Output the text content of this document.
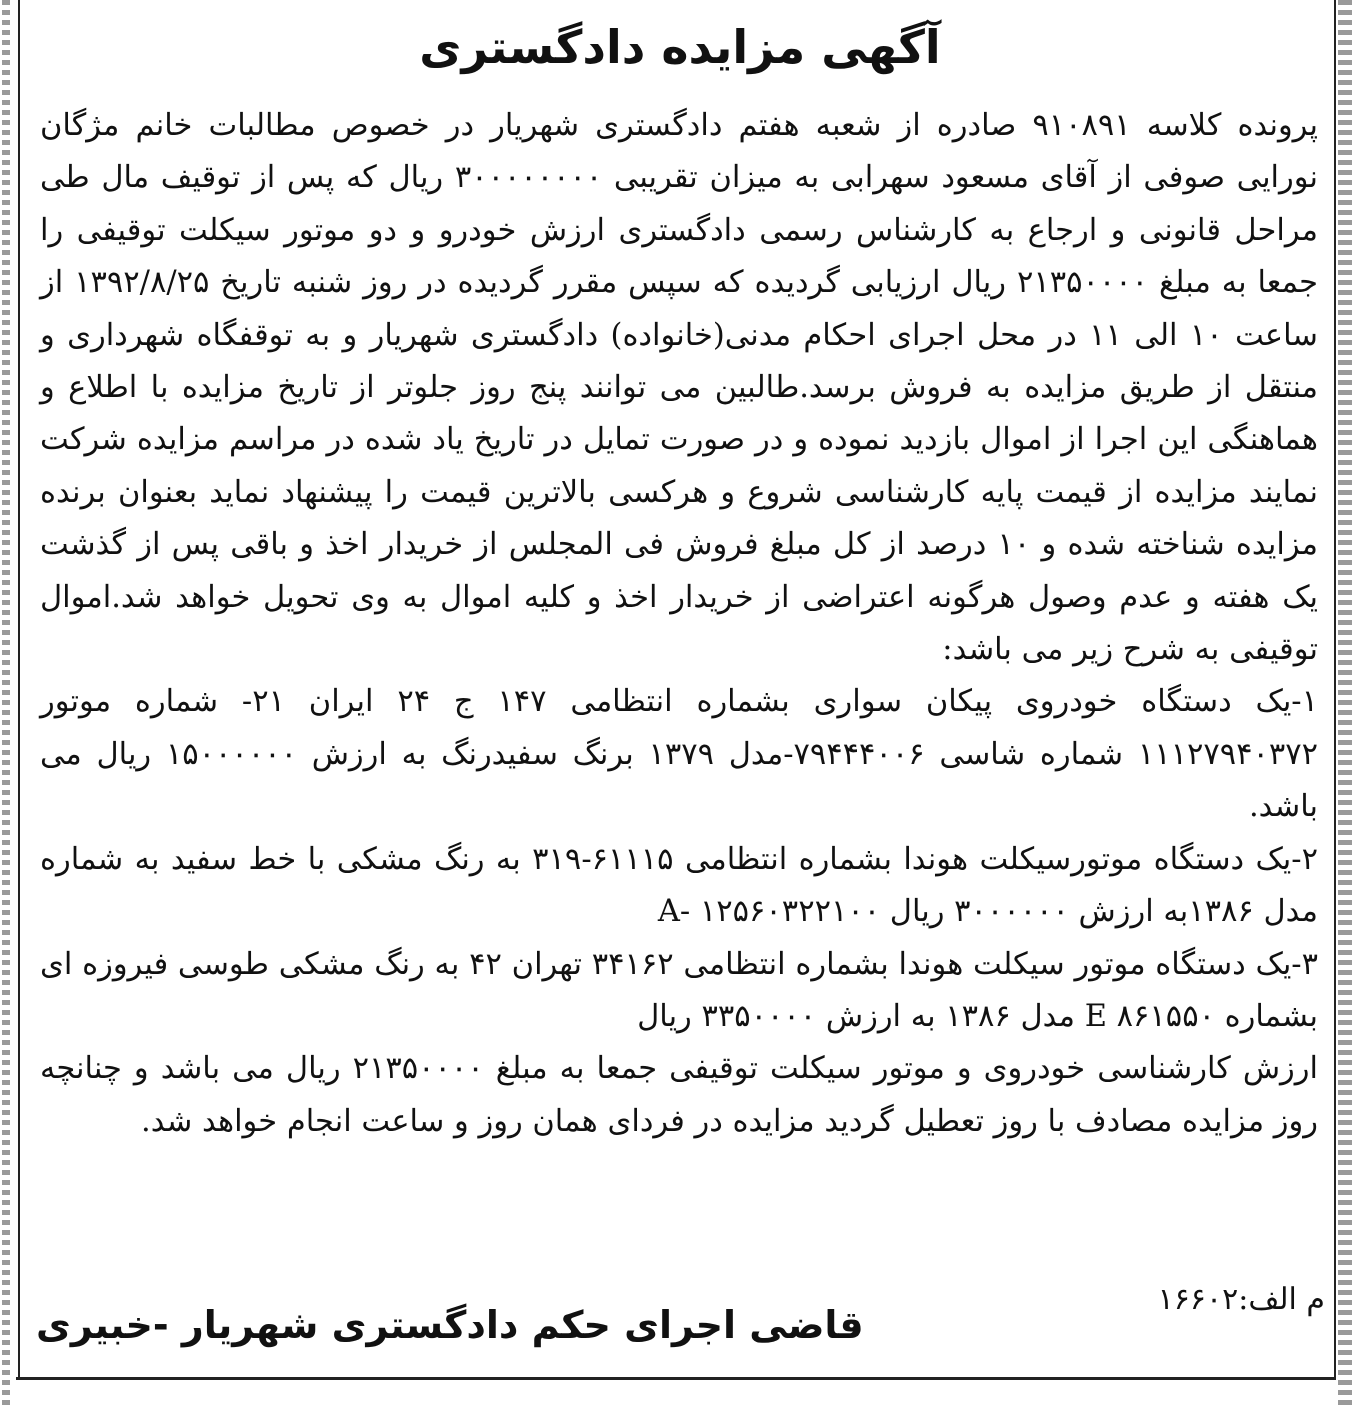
آگهی مزایده دادگستری

پرونده کلاسه ۹۱۰۸۹۱ صادره از شعبه هفتم دادگستری شهریار در خصوص مطالبات خانم مژگان نورایی صوفی از آقای مسعود سهرابی به میزان تقریبی ۳۰۰۰۰۰۰۰۰ ریال که پس از توقیف مال طی مراحل قانونی و ارجاع به کارشناس رسمی دادگستری ارزش خودرو و دو موتور سیکلت توقیفی را جمعا به مبلغ ۲۱۳۵۰۰۰۰ ریال ارزیابی گردیده که سپس مقرر گردیده در روز شنبه تاریخ ۱۳۹۲/۸/۲۵ از ساعت ۱۰ الی ۱۱ در محل اجرای احکام مدنی(خانواده) دادگستری شهریار و به توقفگاه شهرداری و منتقل از طریق مزایده به فروش برسد.طالبین می توانند پنج روز جلوتر از تاریخ مزایده با اطلاع و هماهنگی این اجرا از اموال بازدید نموده و در صورت تمایل در تاریخ یاد شده در مراسم مزایده شرکت نمایند مزایده از قیمت پایه کارشناسی شروع و هرکسی بالاترین قیمت را پیشنهاد نماید بعنوان برنده مزایده شناخته شده و ۱۰ درصد از کل مبلغ فروش فی المجلس از خریدار اخذ و باقی پس از گذشت یک هفته و عدم وصول هرگونه اعتراضی از خریدار اخذ و کلیه اموال به وی تحویل خواهد شد.اموال توقیفی به شرح زیر می باشد:

۱-یک دستگاه خودروی پیکان سواری بشماره انتظامی ۱۴۷ ج ۲۴ ایران ۲۱- شماره موتور ۱۱۱۲۷۹۴۰۳۷۲ شماره شاسی ۷۹۴۴۴۰۰۶-مدل ۱۳۷۹ برنگ سفیدرنگ به ارزش ۱۵۰۰۰۰۰۰ ریال می باشد.

۲-یک دستگاه موتورسیکلت هوندا بشماره انتظامی ۶۱۱۱۵-۳۱۹ به رنگ مشکی با خط سفید به شماره مدل ۱۳۸۶به ارزش ۳۰۰۰۰۰۰ ریال A- ۱۲۵۶۰۳۲۲۱۰۰

۳-یک دستگاه موتور سیکلت هوندا بشماره انتظامی ۳۴۱۶۲ تهران ۴۲ به رنگ مشکی طوسی فیروزه ای بشماره E ۸۶۱۵۵۰ مدل ۱۳۸۶ به ارزش ۳۳۵۰۰۰۰ ریال

ارزش کارشناسی خودروی و موتور سیکلت توقیفی جمعا به مبلغ ۲۱۳۵۰۰۰۰ ریال می باشد و چنانچه روز مزایده مصادف با روز تعطیل گردید مزایده در فردای همان روز و ساعت انجام خواهد شد.

م الف:۱۶۶۰۲
قاضی اجرای حکم دادگستری شهریار -خبیری
